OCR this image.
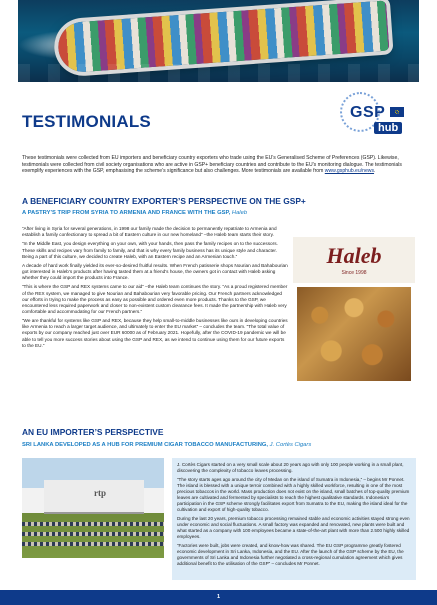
TESTIMONIALS	GSP
hub
These testimonials were collected from EU importers and beneficiary country exporters who trade using the EU’s Generalised Scheme of Preferences (GSP). Likewise, testimonials were collected from civil society organisations who are active in GSP+ beneficiary countries and contribute to the EU’s monitoring dialogue. The testimonials exemplify experiences with the GSP, emphasising the scheme’s significance but also challenges. More testimonials are available from www.gsphub.eu/news.
A BENEFICIARY COUNTRY EXPORTER’S PERSPECTIVE ON THE GSP+
A PASTRY’S TRIP FROM SYRIA TO ARMENIA AND FRANCE WITH THE GSP, Haleb

“After living in Syria for several generations, in 1998 our family made the decision to permanently repatriate to Armenia and establish a family confectionary to spread a bit of Eastern culture in our new homeland” –the Haleb team starts their story.

“In the Middle East, you design everything on your own, with your hands, then pass the family recipes on to the successors. These skills and recipes vary from family to family, and that is why every family business has its unique style and character. Being a part of this culture, we decided to create Haleb, with an Eastern recipe and an Armenian touch.”

A decade of hard work finally yielded its ever-so-desired fruitful results. When French patisserie shops Nourian and Bahabourian got interested in Haleb’s products after having tasted them at a friend’s house, the owners got in contact with Haleb asking whether they could import the products into France.

“This is where the GSP and REX systems came to our aid” –the Haleb team continues the story. “As a proud registered member of the REX system, we managed to give Nourian and Bahabourian very favorable pricing. Our French partners acknowledged our efforts in trying to make the process as easy as possible and ordered even more products. Thanks to the GSP, we encountered less required paperwork and closer to non-existent custom clearance fees. It made the partnership with Haleb very comfortable and accommodating for our French partners.”

“We are thankful for systems like GSP and REX, because they help small-to-middle businesses like ours in developing countries like Armenia to reach a larger target audience, and ultimately to enter the EU market” – concludes the team. “The total value of exports by our company reached just over EUR 60000 as of February 2021. Hopefully, after the COVID-19 pandemic we will be able to tell you more success stories about using the GSP and REX, as we intend to continue using them for our future exports to the EU.”

Haleb
Since 1998
AN EU IMPORTER’S PERSPECTIVE
SRI LANKA DEVELOPED AS A HUB FOR PREMIUM CIGAR TOBACCO MANUFACTURING, J. Cortès Cigars
rtp

J. Cortès Cigars started on a very small scale about 20 years ago with only 100 people working in a small plant, discovering the complexity of tobacco leaves processing.

“The story starts ages ago around the city of Medan on the island of Sumatra in Indonesia,” – begins Mr Ponnet. The island is blessed with a unique terroir combined with a highly skilled workforce, resulting in one of the most precious tobaccos in the world. Mass production does not exist on the island, small batches of top-quality premium leaves are cultivated and fermented by specialists to reach the highest qualitative standards. Indonesia’s participation in the GSP scheme strongly facilitates export from Sumatra to the EU, making the island ideal for the cultivation and export of high-quality tobacco.

During the last 20 years, premium tobacco processing remained stable and economic activities stayed strong even under economic and social fluctuations. A small factory was expanded and renovated, new plants were built and what started as a company with 100 employees became a state-of-the-art plant with more than 2.500 highly skilled employees.

“Factories were built, jobs were created, and know-how was shared. The EU GSP programme greatly fostered economic development in Sri Lanka, Indonesia, and the EU. After the launch of the GSP scheme by the EU, the governments of Sri Lanka and Indonesia further negotiated a cross-regional cumulation agreement which gives additional benefit to the utilisation of the GSP” – concludes Mr Ponnet.

1
